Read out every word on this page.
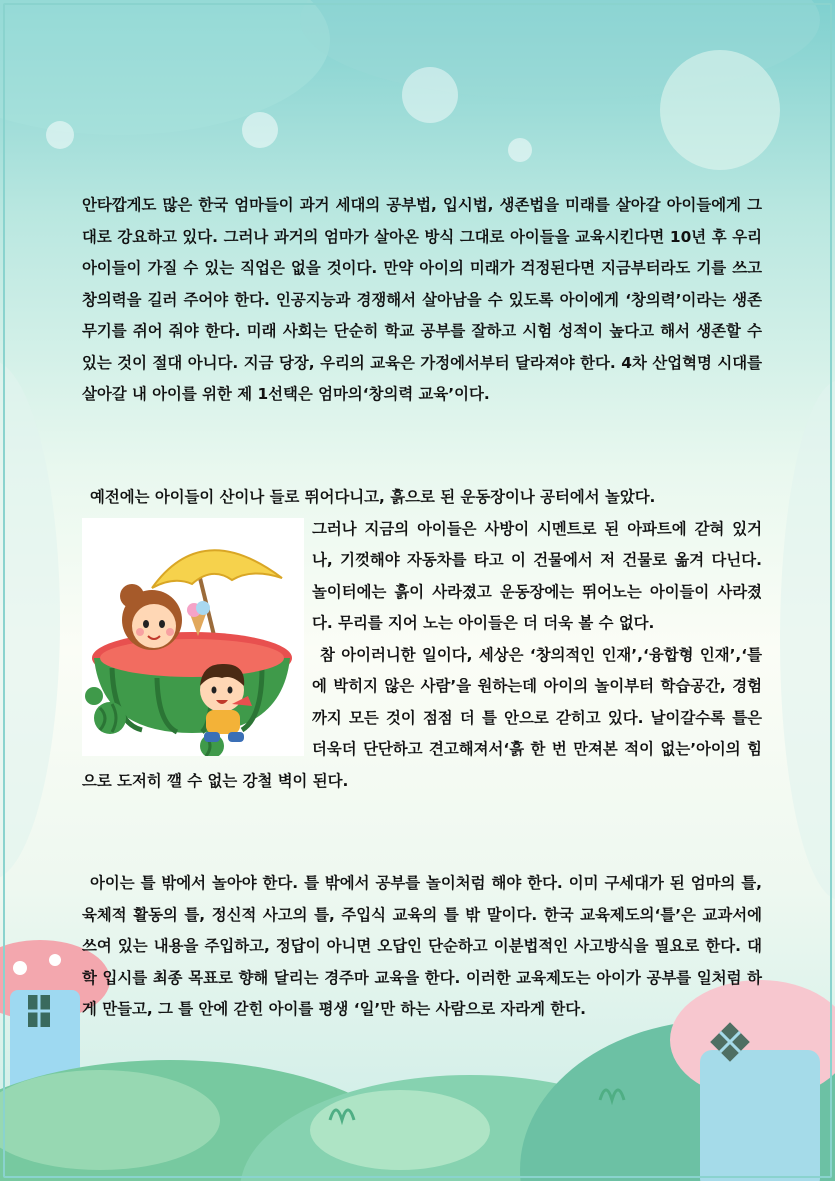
안타깝게도 많은 한국 엄마들이 과거 세대의 공부법, 입시법, 생존법을 미래를 살아갈 아이들에게 그대로 강요하고 있다. 그러나 과거의 엄마가 살아온 방식 그대로 아이들을 교육시킨다면 10년 후 우리 아이들이 가질 수 있는 직업은 없을 것이다. 만약 아이의 미래가 걱정된다면 지금부터라도 기를 쓰고 창의력을 길러 주어야 한다. 인공지능과 경쟁해서 살아남을 수 있도록 아이에게 ‘창의력’이라는 생존무기를 쥐어 줘야 한다. 미래 사회는 단순히 학교 공부를 잘하고 시험 성적이 높다고 해서 생존할 수 있는 것이 절대 아니다. 지금 당장, 우리의 교육은 가정에서부터 달라져야 한다. 4차 산업혁명 시대를 살아갈 내 아이를 위한 제 1선택은 엄마의‘창의력 교육’이다.

예전에는 아이들이 산이나 들로 뛰어다니고, 흙으로 된 운동장이나 공터에서 놀았다.

그러나 지금의 아이들은 사방이 시멘트로 된 아파트에 갇혀 있거나, 기껏해야 자동차를 타고 이 건물에서 저 건물로 옮겨 다닌다. 놀이터에는 흙이 사라졌고 운동장에는 뛰어노는 아이들이 사라졌다. 무리를 지어 노는 아이들은 더 더욱 볼 수 없다.

참 아이러니한 일이다, 세상은 ‘창의적인 인재’,‘융합형 인재’,‘틀에 박히지 않은 사람’을 원하는데 아이의 놀이부터 학습공간, 경험까지 모든 것이 점점 더 틀 안으로 갇히고 있다. 날이갈수록 틀은 더욱더 단단하고 견고해져서‘흙 한 번 만져본 적이 없는’아이의 힘으로 도저히 깰 수 없는 강철 벽이 된다.

아이는 틀 밖에서 놀아야 한다. 틀 밖에서 공부를 놀이처럼 해야 한다. 이미 구세대가 된 엄마의 틀, 육체적 활동의 틀, 정신적 사고의 틀, 주입식 교육의 틀 밖 말이다. 한국 교육제도의‘틀’은 교과서에 쓰여 있는 내용을 주입하고, 정답이 아니면 오답인 단순하고 이분법적인 사고방식을 필요로 한다. 대학 입시를 최종 목표로 향해 달리는 경주마 교육을 한다. 이러한 교육제도는 아이가 공부를 일처럼 하게 만들고, 그 틀 안에 갇힌 아이를 평생 ‘일’만 하는 사람으로 자라게 한다.
